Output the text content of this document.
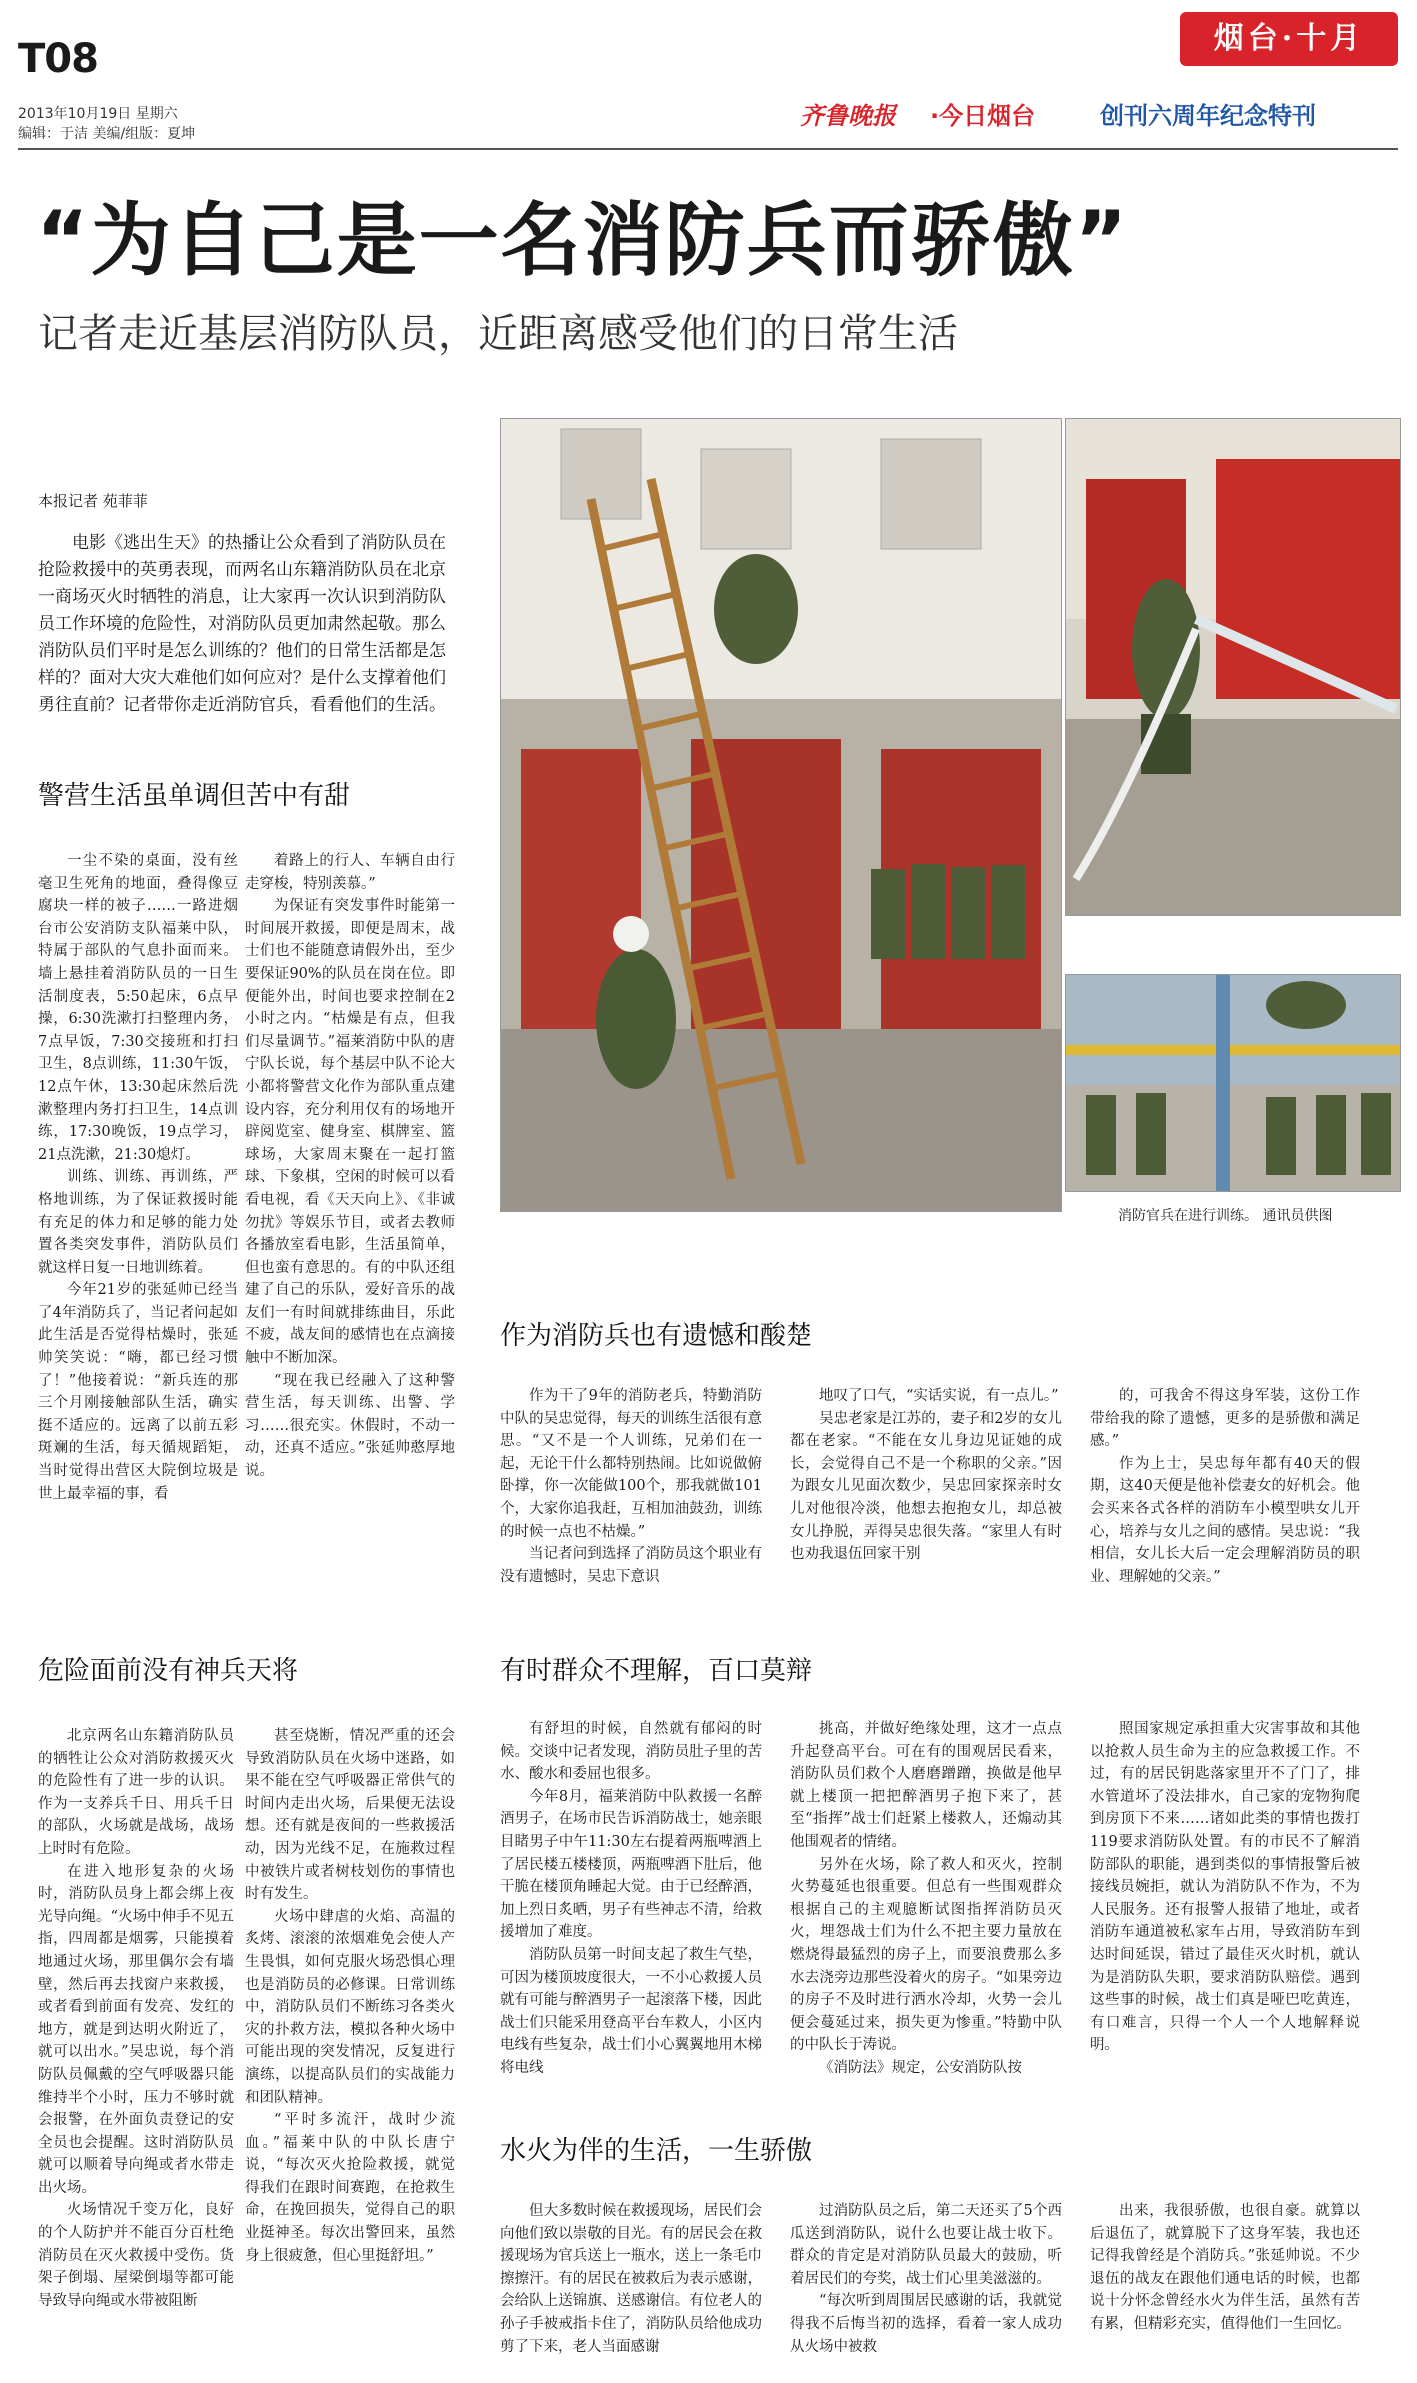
T08
2013年10月19日 星期六
编辑：于洁 美编/组版：夏坤
烟台·十月
齐鲁晚报 ·今日烟台	创刊六周年纪念特刊
“为自己是一名消防兵而骄傲”
记者走近基层消防队员，近距离感受他们的日常生活
消防官兵在进行训练。 通讯员供图
本报记者 苑菲菲

电影《逃出生天》的热播让公众看到了消防队员在抢险救援中的英勇表现，而两名山东籍消防队员在北京一商场灭火时牺牲的消息，让大家再一次认识到消防队员工作环境的危险性，对消防队员更加肃然起敬。那么消防队员们平时是怎么训练的？他们的日常生活都是怎样的？面对大灾大难他们如何应对？是什么支撑着他们勇往直前？记者带你走近消防官兵，看看他们的生活。

警营生活虽单调但苦中有甜

一尘不染的桌面，没有丝毫卫生死角的地面，叠得像豆腐块一样的被子……一路进烟台市公安消防支队福莱中队，特属于部队的气息扑面而来。墙上悬挂着消防队员的一日生活制度表，5:50起床，6点早操，6:30洗漱打扫整理内务，7点早饭，7:30交接班和打扫卫生，8点训练，11:30午饭，12点午休，13:30起床然后洗漱整理内务打扫卫生，14点训练，17:30晚饭，19点学习，21点洗漱，21:30熄灯。

训练、训练、再训练，严格地训练，为了保证救援时能有充足的体力和足够的能力处置各类突发事件，消防队员们就这样日复一日地训练着。

今年21岁的张延帅已经当了4年消防兵了，当记者问起如此生活是否觉得枯燥时，张延帅笑笑说：“嗨，都已经习惯了！”他接着说：“新兵连的那三个月刚接触部队生活，确实挺不适应的。远离了以前五彩斑斓的生活，每天循规蹈矩，当时觉得出营区大院倒垃圾是世上最幸福的事，看

着路上的行人、车辆自由行走穿梭，特别羡慕。”

为保证有突发事件时能第一时间展开救援，即便是周末，战士们也不能随意请假外出，至少要保证90%的队员在岗在位。即便能外出，时间也要求控制在2小时之内。“枯燥是有点，但我们尽量调节。”福莱消防中队的唐宁队长说，每个基层中队不论大小都将警营文化作为部队重点建设内容，充分利用仅有的场地开辟阅览室、健身室、棋牌室、篮球场，大家周末聚在一起打篮球、下象棋，空闲的时候可以看看电视，看《天天向上》、《非诚勿扰》等娱乐节目，或者去教师各播放室看电影，生活虽简单，但也蛮有意思的。有的中队还组建了自己的乐队，爱好音乐的战友们一有时间就排练曲目，乐此不疲，战友间的感情也在点滴接触中不断加深。

“现在我已经融入了这种警营生活，每天训练、出警、学习……很充实。休假时，不动一动，还真不适应。”张延帅憨厚地说。

作为消防兵也有遗憾和酸楚

作为干了9年的消防老兵，特勤消防中队的吴忠觉得，每天的训练生活很有意思。“又不是一个人训练，兄弟们在一起，无论干什么都特别热闹。比如说做俯卧撑，你一次能做100个，那我就做101个，大家你追我赶，互相加油鼓劲，训练的时候一点也不枯燥。”

当记者问到选择了消防员这个职业有没有遗憾时，吴忠下意识

地叹了口气，“实话实说，有一点儿。”

吴忠老家是江苏的，妻子和2岁的女儿都在老家。“不能在女儿身边见证她的成长，会觉得自己不是一个称职的父亲。”因为跟女儿见面次数少，吴忠回家探亲时女儿对他很冷淡，他想去抱抱女儿，却总被女儿挣脱，弄得吴忠很失落。“家里人有时也劝我退伍回家干别

的，可我舍不得这身军装，这份工作带给我的除了遗憾，更多的是骄傲和满足感。”

作为上士，吴忠每年都有40天的假期，这40天便是他补偿妻女的好机会。他会买来各式各样的消防车小模型哄女儿开心，培养与女儿之间的感情。吴忠说：“我相信，女儿长大后一定会理解消防员的职业、理解她的父亲。”

危险面前没有神兵天将

北京两名山东籍消防队员的牺牲让公众对消防救援灭火的危险性有了进一步的认识。作为一支养兵千日、用兵千日的部队，火场就是战场，战场上时时有危险。

在进入地形复杂的火场时，消防队员身上都会绑上夜光导向绳。“火场中伸手不见五指，四周都是烟雾，只能摸着地通过火场，那里偶尔会有墙壁，然后再去找窗户来救援，或者看到前面有发亮、发红的地方，就是到达明火附近了，就可以出水。”吴忠说，每个消防队员佩戴的空气呼吸器只能维持半个小时，压力不够时就会报警，在外面负责登记的安全员也会提醒。这时消防队员就可以顺着导向绳或者水带走出火场。

火场情况千变万化，良好的个人防护并不能百分百杜绝消防员在灭火救援中受伤。货架子倒塌、屋梁倒塌等都可能导致导向绳或水带被阻断

甚至烧断，情况严重的还会导致消防队员在火场中迷路，如果不能在空气呼吸器正常供气的时间内走出火场，后果便无法设想。还有就是夜间的一些救援活动，因为光线不足，在施救过程中被铁片或者树枝划伤的事情也时有发生。

火场中肆虐的火焰、高温的炙烤、滚滚的浓烟难免会使人产生畏惧，如何克服火场恐惧心理也是消防员的必修课。日常训练中，消防队员们不断练习各类火灾的扑救方法，模拟各种火场中可能出现的突发情况，反复进行演练，以提高队员们的实战能力和团队精神。

“平时多流汗，战时少流血。”福莱中队的中队长唐宁说，“每次灭火抢险救援，就觉得我们在跟时间赛跑，在抢救生命，在挽回损失，觉得自己的职业挺神圣。每次出警回来，虽然身上很疲惫，但心里挺舒坦。”

有时群众不理解，百口莫辩

有舒坦的时候，自然就有郁闷的时候。交谈中记者发现，消防员肚子里的苦水、酸水和委屈也很多。

今年8月，福莱消防中队救援一名醉酒男子，在场市民告诉消防战士，她亲眼目睹男子中午11:30左右提着两瓶啤酒上了居民楼五楼楼顶，两瓶啤酒下肚后，他干脆在楼顶角睡起大觉。由于已经醉酒，加上烈日炙晒，男子有些神志不清，给救援增加了难度。

消防队员第一时间支起了救生气垫，可因为楼顶坡度很大，一不小心救援人员就有可能与醉酒男子一起滚落下楼，因此战士们只能采用登高平台车救人，小区内电线有些复杂，战士们小心翼翼地用木梯将电线

挑高，并做好绝缘处理，这才一点点升起登高平台。可在有的围观居民看来，消防队员们救个人磨磨蹭蹭，换做是他早就上楼顶一把把醉酒男子抱下来了，甚至“指挥”战士们赶紧上楼救人，还煽动其他围观者的情绪。

另外在火场，除了救人和灭火，控制火势蔓延也很重要。但总有一些围观群众根据自己的主观臆断试图指挥消防员灭火，埋怨战士们为什么不把主要力量放在燃烧得最猛烈的房子上，而要浪费那么多水去浇旁边那些没着火的房子。“如果旁边的房子不及时进行洒水冷却，火势一会儿便会蔓延过来，损失更为惨重。”特勤中队的中队长于涛说。

《消防法》规定，公安消防队按

照国家规定承担重大灾害事故和其他以抢救人员生命为主的应急救援工作。不过，有的居民钥匙落家里开不了门了，排水管道坏了没法排水，自己家的宠物狗爬到房顶下不来……诸如此类的事情也拨打119要求消防队处置。有的市民不了解消防部队的职能，遇到类似的事情报警后被接线员婉拒，就认为消防队不作为，不为人民服务。还有报警人报错了地址，或者消防车通道被私家车占用，导致消防车到达时间延误，错过了最佳灭火时机，就认为是消防队失职，要求消防队赔偿。遇到这些事的时候，战士们真是哑巴吃黄连，有口难言，只得一个人一个人地解释说明。

水火为伴的生活，一生骄傲

但大多数时候在救援现场，居民们会向他们致以崇敬的目光。有的居民会在救援现场为官兵送上一瓶水，送上一条毛巾擦擦汗。有的居民在被救后为表示感谢，会给队上送锦旗、送感谢信。有位老人的孙子手被戒指卡住了，消防队员给他成功剪了下来，老人当面感谢

过消防队员之后，第二天还买了5个西瓜送到消防队，说什么也要让战士收下。群众的肯定是对消防队员最大的鼓励，听着居民们的夸奖，战士们心里美滋滋的。

“每次听到周围居民感谢的话，我就觉得我不后悔当初的选择，看着一家人成功从火场中被救

出来，我很骄傲，也很自豪。就算以后退伍了，就算脱下了这身军装，我也还记得我曾经是个消防兵。”张延帅说。不少退伍的战友在跟他们通电话的时候，也都说十分怀念曾经水火为伴生活，虽然有苦有累，但精彩充实，值得他们一生回忆。
